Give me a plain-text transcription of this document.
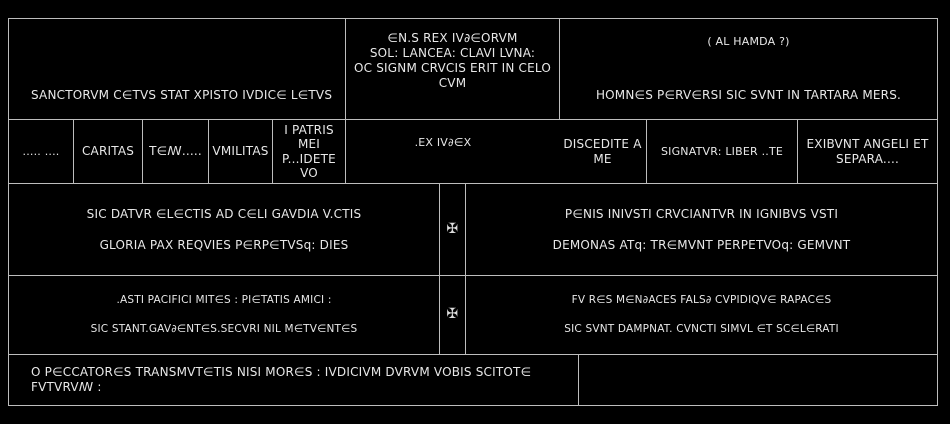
SANCTORVM C∈TVS STAT XPISTO IVDIC∈ L∈TVS
∈N.S REX IV∂∈ORVM
SOL: LANCEA: CLAVI LVNA:
OC SIGNM CRVCIS ERIT IN CELO CVM
( AL HAMDA ?)
HOMN∈S P∈RV∈RSI SIC SVNT IN TARTARA MERS.
..... .... CARITAS T∈ꟿ..... VMILITAS
I PATRIS
MEI
P...IDETE
VO
.EX IV∂∈X	DISCEDITE A
ME
SIGNATVR: LIBER ..TE
EXIBVNT ANGELI ET
SEPARA....
SIC DATVR ∈L∈CTIS AD C∈LI GAVDIA V.CTIS
GLORIA PAX REQVIES P∈RP∈TVSq: DIES
✠
P∈NIS INIVSTI CRVCIANTVR IN IGNIBVS VSTI
DEMONAS ATq: TR∈MVNT PERPETVOq: GEMVNT
.ASTI PACIFICI MIT∈S : PI∈TATIS AMICI :
SIC STANT.GAV∂∈NT∈S.SECVRI NIL M∈TV∈NT∈S
✠
FV R∈S M∈N∂ACES FALS∂ CVPIDIQV∈ RAPAC∈S
SIC SVNT DAMPNAT. CVNCTI SIMVL ∈T SC∈L∈RATI
O P∈CCATOR∈S TRANSMVT∈TIS NISI MOR∈S : IVDICIVM DVRVM VOBIS SCITOT∈ FVTVRVꟿ :
